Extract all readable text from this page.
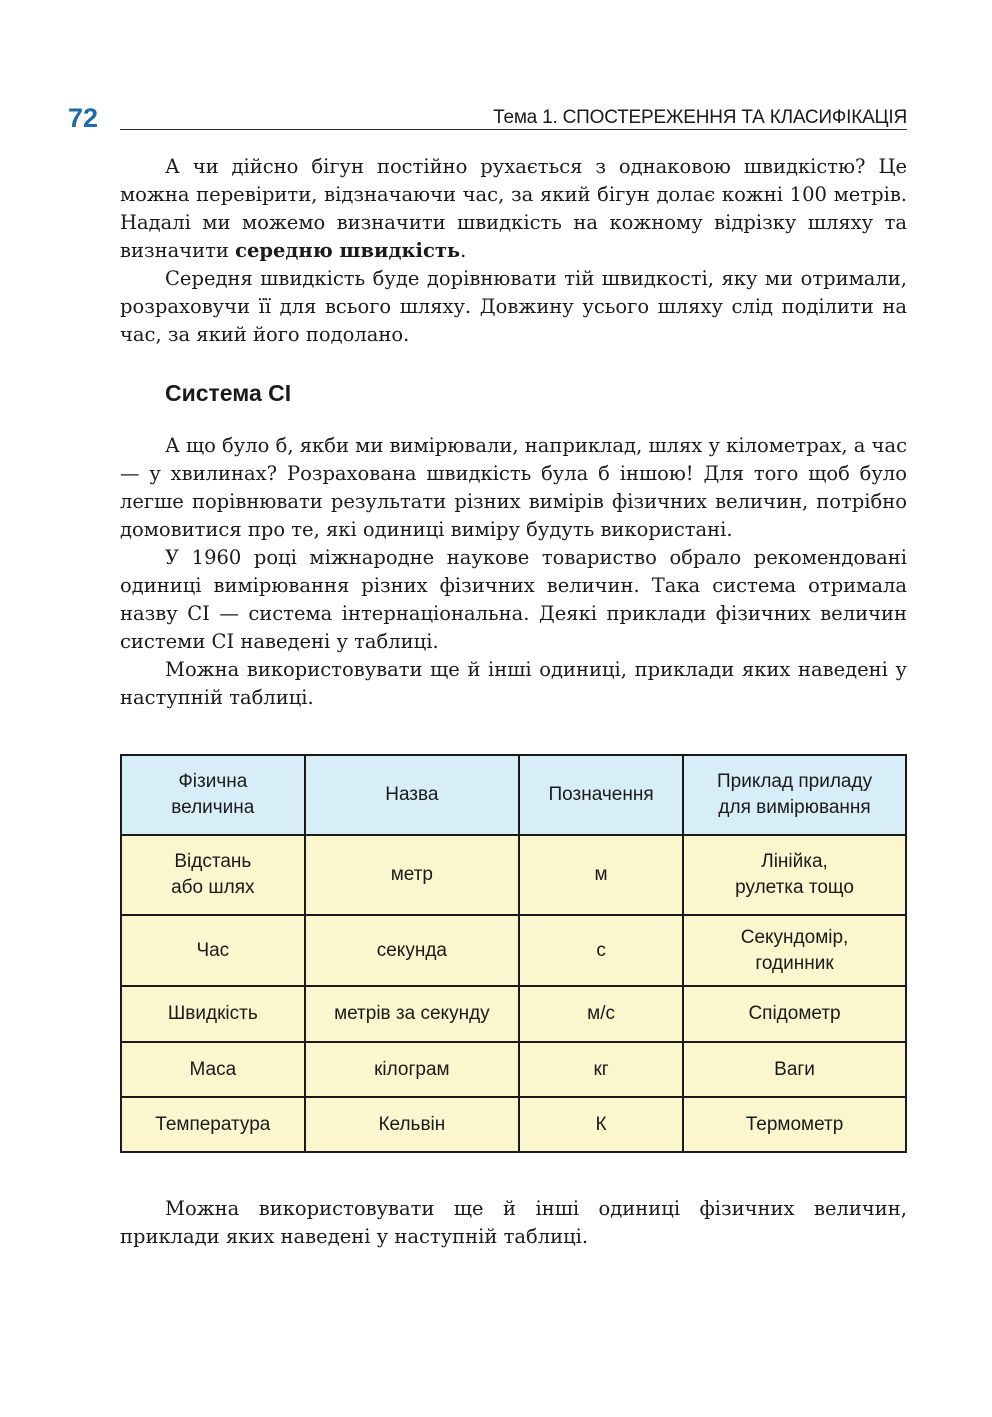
72	Тема 1. СПОСТЕРЕЖЕННЯ ТА КЛАСИФІКАЦІЯ

А чи дійсно бігун постійно рухається з однаковою швидкістю? Це можна перевірити, відзначаючи час, за який бігун долає кожні 100 метрів. Надалі ми можемо визначити швидкість на кожному відрізку шляху та визначити середню швидкість.

Середня швидкість буде дорівнювати тій швидкості, яку ми отримали, розраховучи її для всього шляху. Довжину усього шляху слід поділити на час, за який його подолано.

Система СІ

А що було б, якби ми вимірювали, наприклад, шлях у кілометрах, а час — у хвилинах? Розрахована швидкість була б іншою! Для того щоб було легше порівнювати результати різних вимірів фізичних величин, потрібно домовитися про те, які одиниці виміру будуть використані.

У 1960 році міжнародне наукове товариство обрало рекомендовані одиниці вимірювання різних фізичних величин. Така система отримала назву СІ — система інтернаціональна. Деякі приклади фізичних величин системи СІ наведені у таблиці.

Можна використовувати ще й інші одиниці, приклади яких наведені у наступній таблиці.

Фізична
величина	Назва	Позначення	Приклад приладу
для вимірювання
Відстань
або шлях	метр	м	Лінійка,
рулетка тощо
Час	секунда	с	Секундомір,
годинник
Швидкість	метрів за секунду	м/с	Спідометр
Маса	кілограм	кг	Ваги
Температура	Кельвін	К	Термометр

Можна використовувати ще й інші одиниці фізичних величин, приклади яких наведені у наступній таблиці.
